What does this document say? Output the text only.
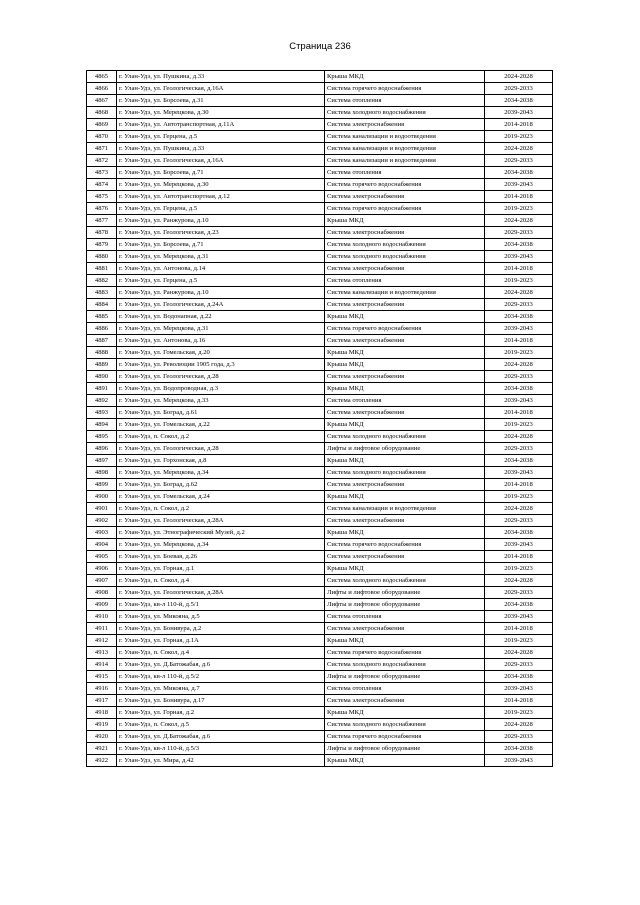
Страница 236
4865	г. Улан-Удэ, ул. Пушкина, д.33	Крыша МКД	2024-2028
4866	г. Улан-Удэ, ул. Геологическая, д.16А	Система горячего водоснабжения	2029-2033
4867	г. Улан-Удэ, ул. Борсоева, д.31	Система отопления	2034-2038
4868	г. Улан-Удэ, ул. Мерецкова, д.30	Система холодного водоснабжения	2039-2043
4869	г. Улан-Удэ, ул. Автотранспортная, д.11А	Система электроснабжения	2014-2018
4870	г. Улан-Удэ, ул. Герцена, д.5	Система канализации и водоотведения	2019-2023
4871	г. Улан-Удэ, ул. Пушкина, д.33	Система канализации и водоотведения	2024-2028
4872	г. Улан-Удэ, ул. Геологическая, д.16А	Система канализации и водоотведения	2029-2033
4873	г. Улан-Удэ, ул. Борсоева, д.71	Система отопления	2034-2038
4874	г. Улан-Удэ, ул. Мерецкова, д.30	Система горячего водоснабжения	2039-2043
4875	г. Улан-Удэ, ул. Автотранспортная, д.12	Система электроснабжения	2014-2018
4876	г. Улан-Удэ, ул. Герцена, д.5	Система горячего водоснабжения	2019-2023
4877	г. Улан-Удэ, ул. Ранжурова, д.10	Крыша МКД	2024-2028
4878	г. Улан-Удэ, ул. Геологическая, д.23	Система электроснабжения	2029-2033
4879	г. Улан-Удэ, ул. Борсоева, д.71	Система холодного водоснабжения	2034-2038
4880	г. Улан-Удэ, ул. Мерецкова, д.31	Система холодного водоснабжения	2039-2043
4881	г. Улан-Удэ, ул. Антонова, д.14	Система электроснабжения	2014-2018
4882	г. Улан-Удэ, ул. Герцена, д.5	Система отопления	2019-2023
4883	г. Улан-Удэ, ул. Ранжурова, д.10	Система канализации и водоотведения	2024-2028
4884	г. Улан-Удэ, ул. Геологическая, д.24А	Система электроснабжения	2029-2033
4885	г. Улан-Удэ, ул. Водонапная, д.22	Крыша МКД	2034-2038
4886	г. Улан-Удэ, ул. Мерецкова, д.31	Система горячего водоснабжения	2039-2043
4887	г. Улан-Удэ, ул. Антонова, д.16	Система электроснабжения	2014-2018
4888	г. Улан-Удэ, ул. Гомельская, д.20	Крыша МКД	2019-2023
4889	г. Улан-Удэ, ул. Революции 1905 года, д.3	Крыша МКД	2024-2028
4890	г. Улан-Удэ, ул. Геологическая, д.28	Система электроснабжения	2029-2033
4891	г. Улан-Удэ, ул. Водопроводная, д.3	Крыша МКД	2034-2038
4892	г. Улан-Удэ, ул. Мерецкова, д.33	Система отопления	2039-2043
4893	г. Улан-Удэ, ул. Боград, д.61	Система электроснабжения	2014-2018
4894	г. Улан-Удэ, ул. Гомельская, д.22	Крыша МКД	2019-2023
4895	г. Улан-Удэ, п. Сокол, д.2	Система холодного водоснабжения	2024-2028
4896	г. Улан-Удэ, ул. Геологическая, д.28	Лифты и лифтовое оборудование	2029-2033
4897	г. Улан-Удэ, ул. Горхонская, д.8	Крыша МКД	2034-2038
4898	г. Улан-Удэ, ул. Мерецкова, д.34	Система холодного водоснабжения	2039-2043
4899	г. Улан-Удэ, ул. Боград, д.62	Система электроснабжения	2014-2018
4900	г. Улан-Удэ, ул. Гомельская, д.24	Крыша МКД	2019-2023
4901	г. Улан-Удэ, п. Сокол, д.2	Система канализации и водоотведения	2024-2028
4902	г. Улан-Удэ, ул. Геологическая, д.28А	Система электроснабжения	2029-2033
4903	г. Улан-Удэ, ул. Этнографический Музей, д.2	Крыша МКД	2034-2038
4904	г. Улан-Удэ, ул. Мерецкова, д.34	Система горячего водоснабжения	2039-2043
4905	г. Улан-Удэ, ул. Боевая, д.26	Система электроснабжения	2014-2018
4906	г. Улан-Удэ, ул. Горная, д.1	Крыша МКД	2019-2023
4907	г. Улан-Удэ, п. Сокол, д.4	Система холодного водоснабжения	2024-2028
4908	г. Улан-Удэ, ул. Геологическая, д.28А	Лифты и лифтовое оборудование	2029-2033
4909	г. Улан-Удэ, кв-л 110-й, д.5/1	Лифты и лифтовое оборудование	2034-2038
4910	г. Улан-Удэ, ул. Микояна, д.5	Система отопления	2039-2043
4911	г. Улан-Удэ, ул. Бонивура, д.2	Система электроснабжения	2014-2018
4912	г. Улан-Удэ, ул. Горная, д.1А	Крыша МКД	2019-2023
4913	г. Улан-Удэ, п. Сокол, д.4	Система горячего водоснабжения	2024-2028
4914	г. Улан-Удэ, ул. Д.Батожабая, д.6	Система холодного водоснабжения	2029-2033
4915	г. Улан-Удэ, кв-л 110-й, д.5/2	Лифты и лифтовое оборудование	2034-2038
4916	г. Улан-Удэ, ул. Микояна, д.7	Система отопления	2039-2043
4917	г. Улан-Удэ, ул. Бонивура, д.17	Система электроснабжения	2014-2018
4918	г. Улан-Удэ, ул. Горная, д.2	Крыша МКД	2019-2023
4919	г. Улан-Удэ, п. Сокол, д.5	Система холодного водоснабжения	2024-2028
4920	г. Улан-Удэ, ул. Д.Батожабая, д.6	Система горячего водоснабжения	2029-2033
4921	г. Улан-Удэ, кв-л 110-й, д.5/3	Лифты и лифтовое оборудование	2034-2038
4922	г. Улан-Удэ, ул. Мира, д.42	Крыша МКД	2039-2043
